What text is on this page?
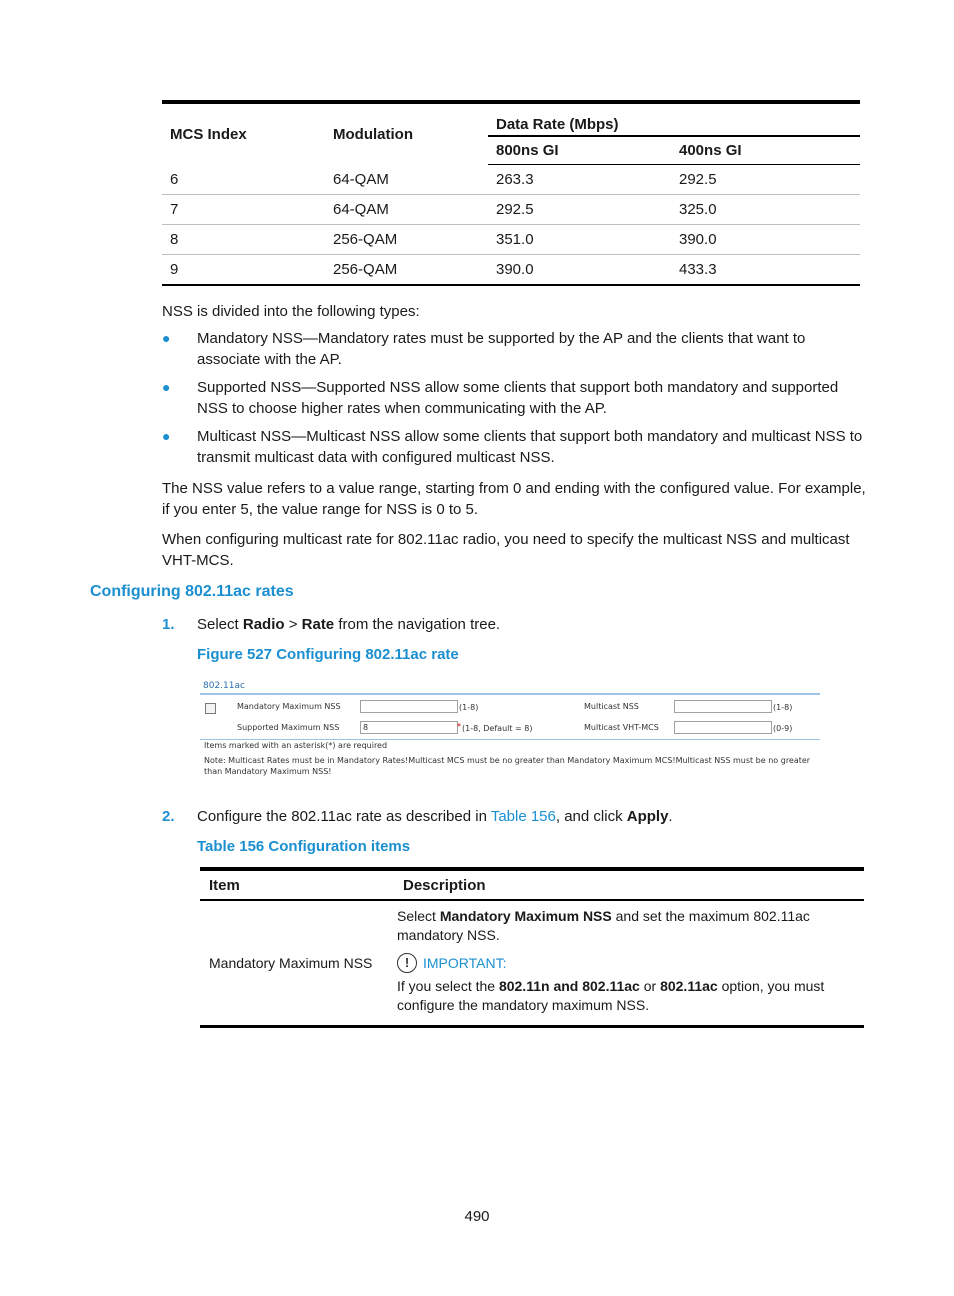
MCS Index	Modulation	Data Rate (Mbps)	
		800ns GI	400ns GI
6	64-QAM	263.3	292.5
7	64-QAM	292.5	325.0
8	256-QAM	351.0	390.0
9	256-QAM	390.0	433.3
NSS is divided into the following types:
● Mandatory NSS—Mandatory rates must be supported by the AP and the clients that want to associate with the AP.
● Supported NSS—Supported NSS allow some clients that support both mandatory and supported NSS to choose higher rates when communicating with the AP.
● Multicast NSS—Multicast NSS allow some clients that support both mandatory and multicast NSS to transmit multicast data with configured multicast NSS.
The NSS value refers to a value range, starting from 0 and ending with the configured value. For example, if you enter 5, the value range for NSS is 0 to 5.
When configuring multicast rate for 802.11ac radio, you need to specify the multicast NSS and multicast VHT-MCS.
Configuring 802.11ac rates
1. Select Radio > Rate from the navigation tree.
Figure 527 Configuring 802.11ac rate
802.11ac
Mandatory Maximum NSS	(1-8)
Supported Maximum NSS	8	* (1-8, Default = 8)
Multicast NSS	(1-8)
Multicast VHT-MCS	(0-9)
Items marked with an asterisk(*) are required
Note: Multicast Rates must be in Mandatory Rates!Multicast MCS must be no greater than Mandatory Maximum MCS!Multicast NSS must be no greater than Mandatory Maximum NSS!
2. Configure the 802.11ac rate as described in Table 156, and click Apply.
Table 156 Configuration items
Item	Description
Mandatory Maximum NSS	Select Mandatory Maximum NSS and set the maximum 802.11ac mandatory NSS.

! IMPORTANT:

If you select the 802.11n and 802.11ac or 802.11ac option, you must configure the mandatory maximum NSS.

490
